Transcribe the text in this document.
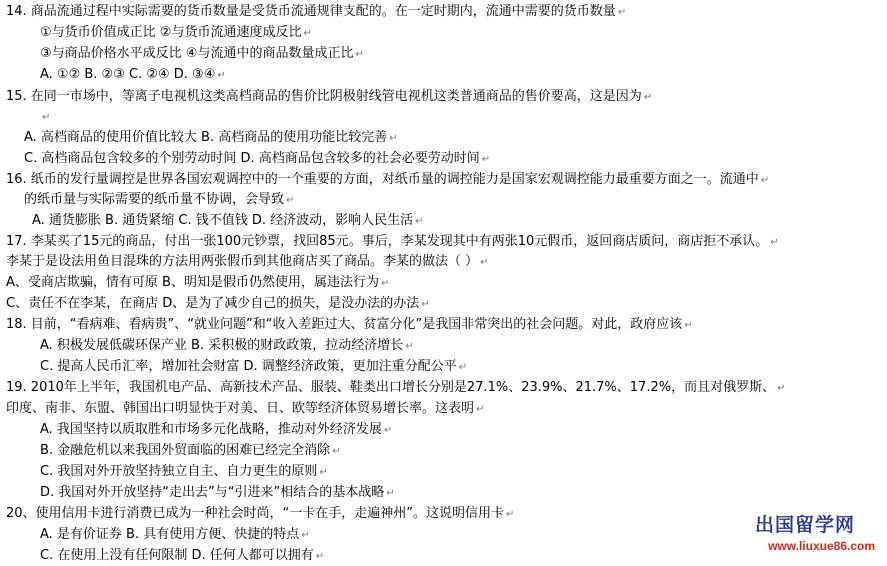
14. 商品流通过程中实际需要的货币数量是受货币流通规律支配的。在一定时期内，流通中需要的货币数量 ↵
①与货币价值成正比 ②与货币流通速度成反比 ↵
③与商品价格水平成反比 ④与流通中的商品数量成正比 ↵
A. ①② B. ②③ C. ②④ D. ③④ ↵
15. 在同一市场中，等离子电视机这类高档商品的售价比阴极射线管电视机这类普通商品的售价要高，这是因为 ↵
↵
A. 高档商品的使用价值比较大 B. 高档商品的使用功能比较完善 ↵
C. 高档商品包含较多的个别劳动时间 D. 高档商品包含较多的社会必要劳动时间 ↵
16. 纸币的发行量调控是世界各国宏观调控中的一个重要的方面，对纸币量的调控能力是国家宏观调控能力最重要方面之一。流通中 ↵
的纸币量与实际需要的纸币量不协调，会导致 ↵
A. 通货膨胀 B. 通货紧缩 C. 钱不值钱 D. 经济波动，影响人民生活 ↵
17. 李某买了15元的商品，付出一张100元钞票，找回85元。事后，李某发现其中有两张10元假币，返回商店质问，商店拒不承认。 ↵
李某于是设法用鱼目混珠的方法用两张假币到其他商店买了商品。李某的做法（ ） ↵
A、受商店欺骗，情有可原 B、明知是假币仍然使用，属违法行为 ↵
C、责任不在李某，在商店 D、是为了减少自己的损失，是没办法的办法 ↵
18. 目前，“看病难、看病贵”、“就业问题”和“收入差距过大、贫富分化”是我国非常突出的社会问题。对此，政府应该 ↵
A. 积极发展低碳环保产业 B. 采积极的财政政策，拉动经济增长 ↵
C. 提高人民币汇率，增加社会财富 D. 调整经济政策，更加注重分配公平 ↵
19. 2010年上半年，我国机电产品、高新技术产品、服装、鞋类出口增长分别是27.1%、23.9%、21.7%、17.2%，而且对俄罗斯、 ↵
印度、南非、东盟、韩国出口明显快于对美、日、欧等经济体贸易增长率。这表明 ↵
A. 我国坚持以质取胜和市场多元化战略，推动对外经济发展 ↵
B. 金融危机以来我国外贸面临的困难已经完全消除 ↵
C. 我国对外开放坚持独立自主、自力更生的原则 ↵
D. 我国对外开放坚持“走出去”与“引进来”相结合的基本战略 ↵
20、使用信用卡进行消费已成为一种社会时尚，“一卡在手，走遍神州”。这说明信用卡 ↵
A. 是有价证券 B. 具有使用方便、快捷的特点 ↵
C. 在使用上没有任何限制 D. 任何人都可以拥有 ↵
出国留学网
www.liuxue86.com
